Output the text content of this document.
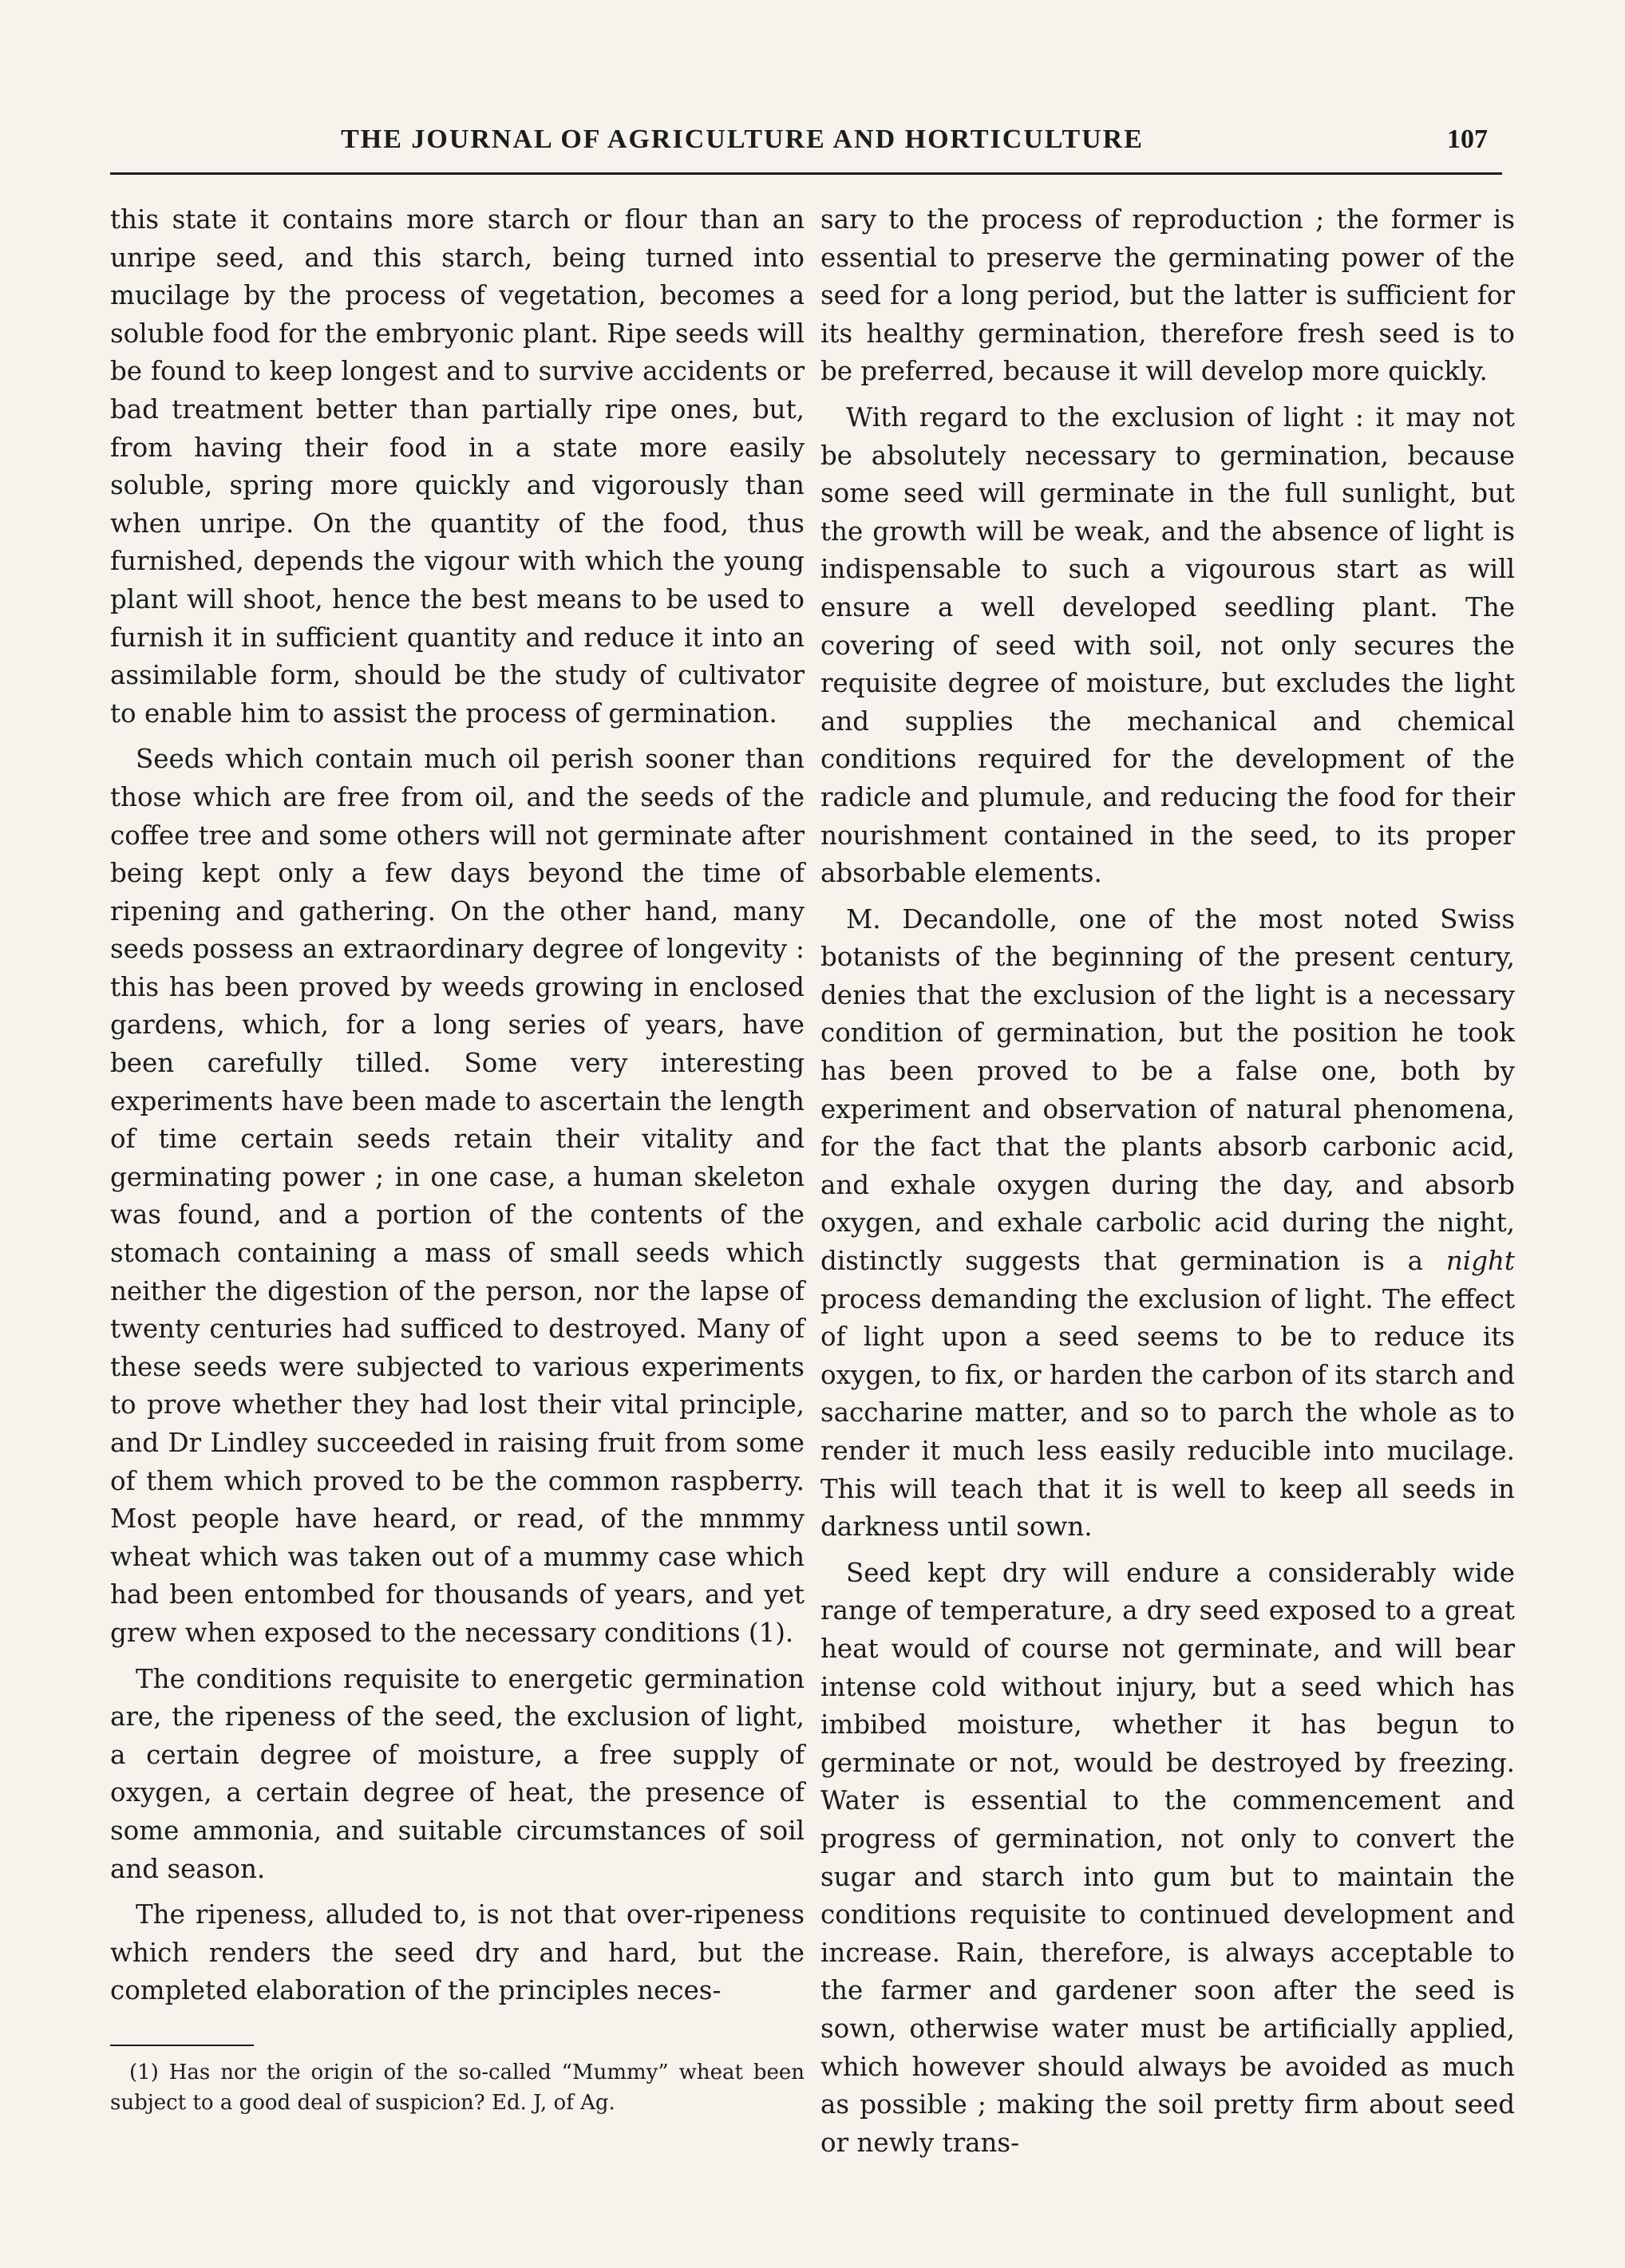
THE JOURNAL OF AGRICULTURE AND HORTICULTURE	107

this state it contains more starch or flour than an unripe seed, and this starch, being turned into mucilage by the process of vegetation, becomes a soluble food for the embryonic plant. Ripe seeds will be found to keep longest and to survive accidents or bad treatment better than partially ripe ones, but, from having their food in a state more easily soluble, spring more quickly and vigorously than when unripe. On the quantity of the food, thus furnished, depends the vigour with which the young plant will shoot, hence the best means to be used to furnish it in sufficient quantity and reduce it into an assimilable form, should be the study of cultivator to enable him to assist the process of germination.

Seeds which contain much oil perish sooner than those which are free from oil, and the seeds of the coffee tree and some others will not germinate after being kept only a few days beyond the time of ripening and gathering. On the other hand, many seeds possess an extraordinary degree of longevity : this has been proved by weeds growing in enclosed gardens, which, for a long series of years, have been carefully tilled. Some very interesting experiments have been made to ascertain the length of time certain seeds retain their vitality and germinating power ; in one case, a human skeleton was found, and a portion of the contents of the stomach containing a mass of small seeds which neither the digestion of the person, nor the lapse of twenty centuries had sufficed to destroyed. Many of these seeds were subjected to various experiments to prove whether they had lost their vital principle, and Dr Lindley succeeded in raising fruit from some of them which proved to be the common raspberry. Most people have heard, or read, of the mnmmy wheat which was taken out of a mummy case which had been entombed for thousands of years, and yet grew when exposed to the necessary conditions (1).

The conditions requisite to energetic germination are, the ripeness of the seed, the exclusion of light, a certain degree of moisture, a free supply of oxygen, a certain degree of heat, the presence of some ammonia, and suitable circumstances of soil and season.

The ripeness, alluded to, is not that over-ripeness which renders the seed dry and hard, but the completed elaboration of the principles neces-

(1) Has nor the origin of the so-called “Mummy” wheat been subject to a good deal of suspicion? Ed. J, of Ag.

sary to the process of reproduction ; the former is essential to preserve the germinating power of the seed for a long period, but the latter is sufficient for its healthy germination, therefore fresh seed is to be preferred, because it will develop more quickly.

With regard to the exclusion of light : it may not be absolutely necessary to germination, because some seed will germinate in the full sunlight, but the growth will be weak, and the absence of light is indispensable to such a vigourous start as will ensure a well developed seedling plant. The covering of seed with soil, not only secures the requisite degree of moisture, but excludes the light and supplies the mechanical and chemical conditions required for the development of the radicle and plumule, and reducing the food for their nourishment contained in the seed, to its proper absorbable elements.

M. Decandolle, one of the most noted Swiss botanists of the beginning of the present century, denies that the exclusion of the light is a necessary condition of germination, but the position he took has been proved to be a false one, both by experiment and observation of natural phenomena, for the fact that the plants absorb carbonic acid, and exhale oxygen during the day, and absorb oxygen, and exhale carbolic acid during the night, distinctly suggests that germination is a night process demanding the exclusion of light. The effect of light upon a seed seems to be to reduce its oxygen, to fix, or harden the carbon of its starch and saccharine matter, and so to parch the whole as to render it much less easily reducible into mucilage. This will teach that it is well to keep all seeds in darkness until sown.

Seed kept dry will endure a considerably wide range of temperature, a dry seed exposed to a great heat would of course not germinate, and will bear intense cold without injury, but a seed which has imbibed moisture, whether it has begun to germinate or not, would be destroyed by freezing. Water is essential to the commencement and progress of germination, not only to convert the sugar and starch into gum but to maintain the conditions requisite to continued development and increase. Rain, therefore, is always acceptable to the farmer and gardener soon after the seed is sown, otherwise water must be artificially applied, which however should always be avoided as much as possible ; making the soil pretty firm about seed or newly trans-
